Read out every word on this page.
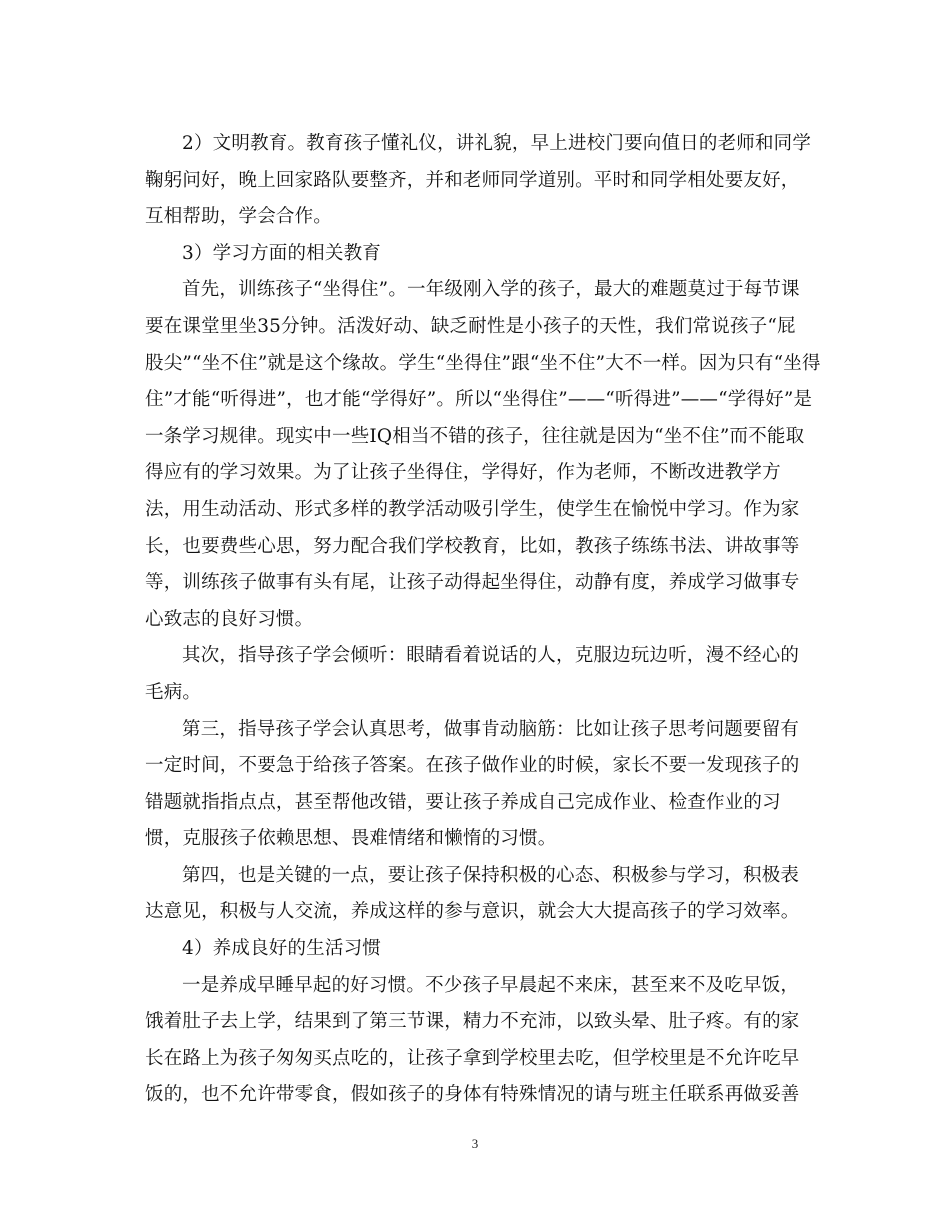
2）文明教育。教育孩子懂礼仪，讲礼貌，早上进校门要向值日的老师和同学
鞠躬问好，晚上回家路队要整齐，并和老师同学道别。平时和同学相处要友好，
互相帮助，学会合作。

3）学习方面的相关教育

首先，训练孩子“坐得住”。一年级刚入学的孩子，最大的难题莫过于每节课
要在课堂里坐35分钟。活泼好动、缺乏耐性是小孩子的天性，我们常说孩子“屁
股尖”“坐不住”就是这个缘故。学生“坐得住”跟“坐不住”大不一样。因为只有“坐得
住”才能“听得进”，也才能“学得好”。所以“坐得住”——“听得进”——“学得好”是
一条学习规律。现实中一些IQ相当不错的孩子，往往就是因为“坐不住”而不能取
得应有的学习效果。为了让孩子坐得住，学得好，作为老师，不断改进教学方
法，用生动活动、形式多样的教学活动吸引学生，使学生在愉悦中学习。作为家
长，也要费些心思，努力配合我们学校教育，比如，教孩子练练书法、讲故事等
等，训练孩子做事有头有尾，让孩子动得起坐得住，动静有度，养成学习做事专
心致志的良好习惯。

其次，指导孩子学会倾听：眼睛看着说话的人，克服边玩边听，漫不经心的
毛病。

第三，指导孩子学会认真思考，做事肯动脑筋：比如让孩子思考问题要留有
一定时间，不要急于给孩子答案。在孩子做作业的时候，家长不要一发现孩子的
错题就指指点点，甚至帮他改错，要让孩子养成自己完成作业、检查作业的习
惯，克服孩子依赖思想、畏难情绪和懒惰的习惯。

第四，也是关键的一点，要让孩子保持积极的心态、积极参与学习，积极表
达意见，积极与人交流，养成这样的参与意识，就会大大提高孩子的学习效率。

4）养成良好的生活习惯

一是养成早睡早起的好习惯。不少孩子早晨起不来床，甚至来不及吃早饭，
饿着肚子去上学，结果到了第三节课，精力不充沛，以致头晕、肚子疼。有的家
长在路上为孩子匆匆买点吃的，让孩子拿到学校里去吃，但学校里是不允许吃早
饭的，也不允许带零食，假如孩子的身体有特殊情况的请与班主任联系再做妥善

3
